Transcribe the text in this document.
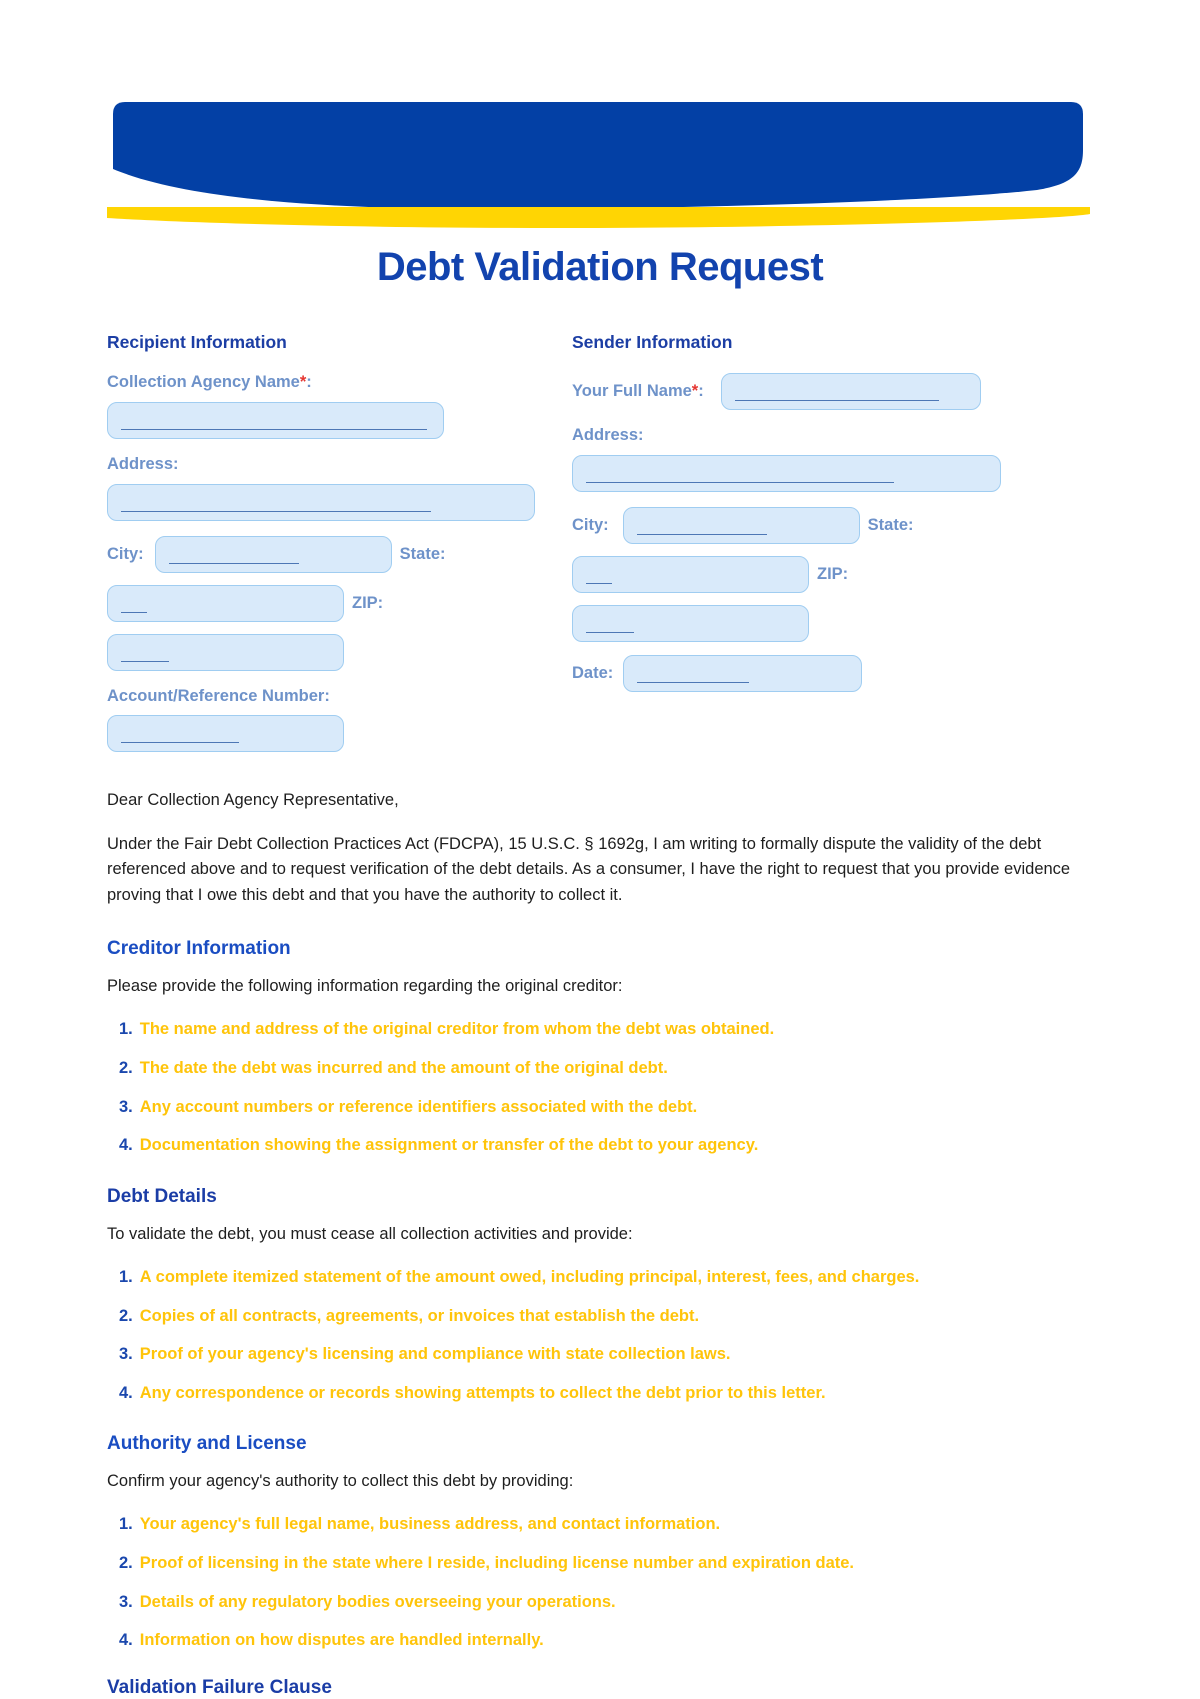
Debt Validation Request
Recipient Information
Collection Agency Name*:
Address:
City:	State:
ZIP:
Account/Reference Number:
Sender Information
Your Full Name*:
Address:
City:	State:
ZIP:
Date:

Dear Collection Agency Representative,

Under the Fair Debt Collection Practices Act (FDCPA), 15 U.S.C. § 1692g, I am writing to formally dispute the validity of the debt referenced above and to request verification of the debt details. As a consumer, I have the right to request that you provide evidence proving that I owe this debt and that you have the authority to collect it.

Creditor Information

Please provide the following information regarding the original creditor:

1. The name and address of the original creditor from whom the debt was obtained.
2. The date the debt was incurred and the amount of the original debt.
3. Any account numbers or reference identifiers associated with the debt.
4. Documentation showing the assignment or transfer of the debt to your agency.
Debt Details

To validate the debt, you must cease all collection activities and provide:

1. A complete itemized statement of the amount owed, including principal, interest, fees, and charges.
2. Copies of all contracts, agreements, or invoices that establish the debt.
3. Proof of your agency's licensing and compliance with state collection laws.
4. Any correspondence or records showing attempts to collect the debt prior to this letter.
Authority and License

Confirm your agency's authority to collect this debt by providing:

1. Your agency's full legal name, business address, and contact information.
2. Proof of licensing in the state where I reside, including license number and expiration date.
3. Details of any regulatory bodies overseeing your operations.
4. Information on how disputes are handled internally.
Validation Failure Clause
